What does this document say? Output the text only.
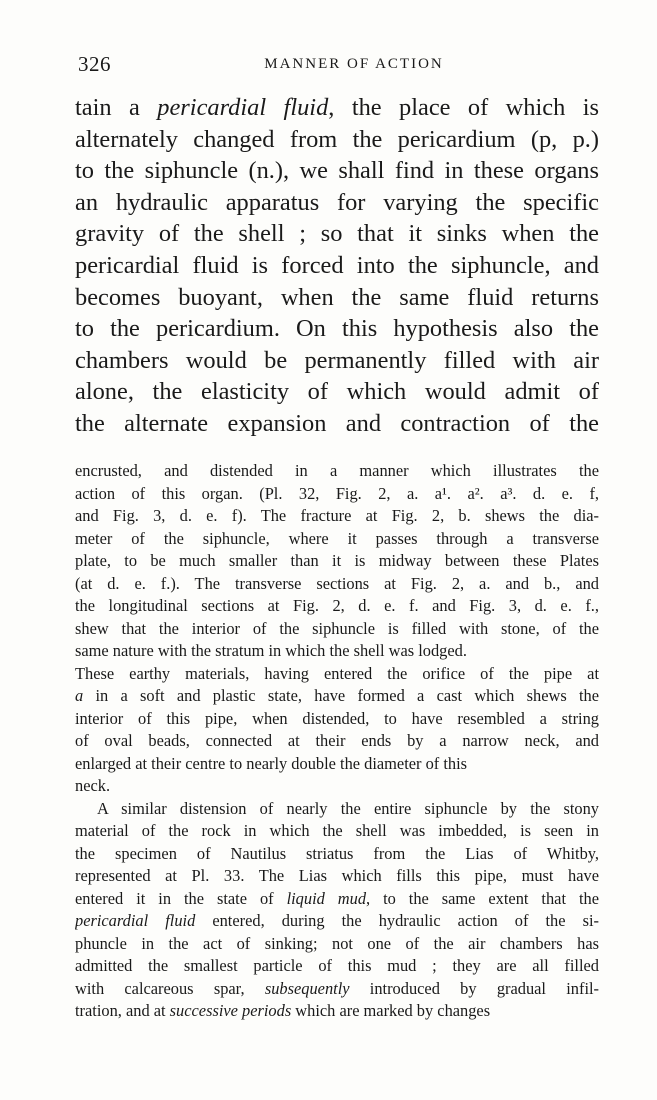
326	MANNER OF ACTION
tain a pericardial fluid, the place of which is
alternately changed from the pericardium (p, p.)
to the siphuncle (n.), we shall find in these organs
an hydraulic apparatus for varying the specific
gravity of the shell ; so that it sinks when the
pericardial fluid is forced into the siphuncle, and
becomes buoyant, when the same fluid returns
to the pericardium. On this hypothesis also the
chambers would be permanently filled with air
alone, the elasticity of which would admit of
the alternate expansion and contraction of the
encrusted, and distended in a manner which illustrates the
action of this organ. (Pl. 32, Fig. 2, a. a¹. a². a³. d. e. f,
and Fig. 3, d. e. f). The fracture at Fig. 2, b. shews the dia-
meter of the siphuncle, where it passes through a transverse
plate, to be much smaller than it is midway between these Plates
(at d. e. f.). The transverse sections at Fig. 2, a. and b., and
the longitudinal sections at Fig. 2, d. e. f. and Fig. 3, d. e. f.,
shew that the interior of the siphuncle is filled with stone, of the
same nature with the stratum in which the shell was lodged.
These earthy materials, having entered the orifice of the pipe at
a in a soft and plastic state, have formed a cast which shews the
interior of this pipe, when distended, to have resembled a string
of oval beads, connected at their ends by a narrow neck, and
enlarged at their centre to nearly double the diameter of this
neck.
A similar distension of nearly the entire siphuncle by the stony
material of the rock in which the shell was imbedded, is seen in
the specimen of Nautilus striatus from the Lias of Whitby,
represented at Pl. 33. The Lias which fills this pipe, must have
entered it in the state of liquid mud, to the same extent that the
pericardial fluid entered, during the hydraulic action of the si-
phuncle in the act of sinking; not one of the air chambers has
admitted the smallest particle of this mud ; they are all filled
with calcareous spar, subsequently introduced by gradual infil-
tration, and at successive periods which are marked by changes
